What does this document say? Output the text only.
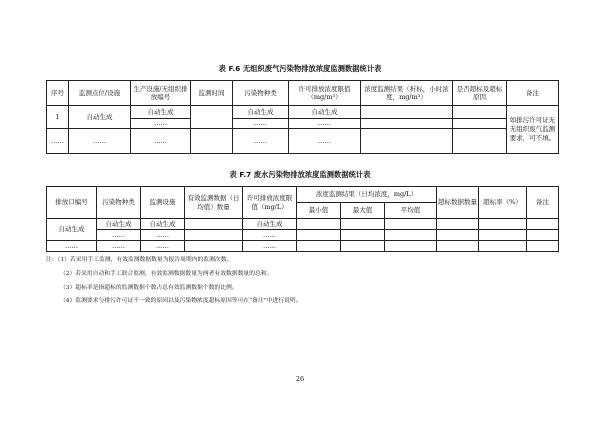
表 F.6 无组织废气污染物排放浓度监测数据统计表
序号	监测点位/设施	生产设施/无组织排放编号	监测时间	污染物种类	许可排放浓度限值（mg/m³）	浓度监测结果（折标，小时浓度，mg/m³）	是否超标及超标原因	备注
1	自动生成	自动生成		自动生成	自动生成			如排污许可证无无组织废气监测要求，可不填。
		……		……	……			
……	……	……		……	……			
表 F.7 废水污染物排放浓度监测数据统计表
排放口编号	污染物种类	监测设施	有效监测数据（日均值）数量	许可排放浓度限值（mg/L）	浓度监测结果（日均浓度，mg/L）			超标数据数量	超标率（%）	备注
					最小值	最大值	平均值			
自动生成	自动生成	自动生成		自动生成						
	……	……		……						
……	……	……		……						
注：（1）若采用手工监测，有效监测数据数量为报告周期内的监测次数。
（2）若采用自动和手工联合监测，有效监测数据数量为两者有效数据数量的总和。
（3）超标率是指超标的监测数据个数占总有效监测数据个数的比例。
（4）监测要求与排污许可证不一致的原因以及污染物浓度超标原因等可在“备注”中进行说明。
26
